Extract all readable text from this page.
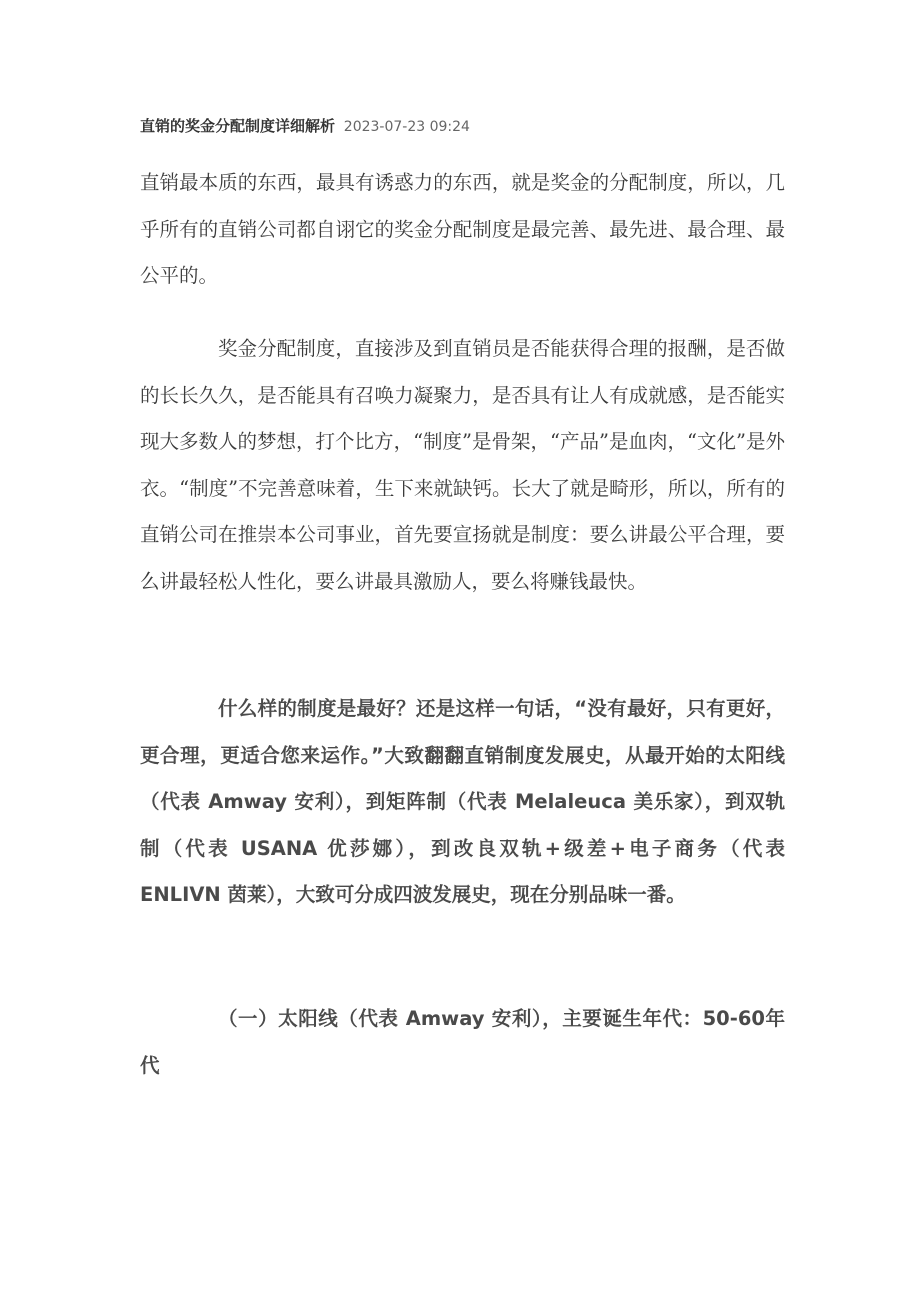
直销的奖金分配制度详细解析 2023-07-23 09:24

直销最本质的东西，最具有诱惑力的东西，就是奖金的分配制度，所以，几乎所有的直销公司都自诩它的奖金分配制度是最完善、最先进、最合理、最公平的。

奖金分配制度，直接涉及到直销员是否能获得合理的报酬，是否做的长长久久，是否能具有召唤力凝聚力，是否具有让人有成就感，是否能实现大多数人的梦想，打个比方，“制度”是骨架，“产品”是血肉，“文化”是外衣。“制度”不完善意味着，生下来就缺钙。长大了就是畸形，所以，所有的直销公司在推崇本公司事业，首先要宣扬就是制度：要么讲最公平合理，要么讲最轻松人性化，要么讲最具激励人，要么将赚钱最快。

什么样的制度是最好？还是这样一句话，“没有最好，只有更好，更合理，更适合您来运作。”大致翻翻直销制度发展史，从最开始的太阳线（代表 Amway 安利），到矩阵制（代表 Melaleuca 美乐家），到双轨制（代表 USANA 优莎娜），到改良双轨+级差+电子商务（代表 ENLIVN 茵莱），大致可分成四波发展史，现在分别品味一番。

（一）太阳线（代表 Amway 安利），主要诞生年代：50-60年代
